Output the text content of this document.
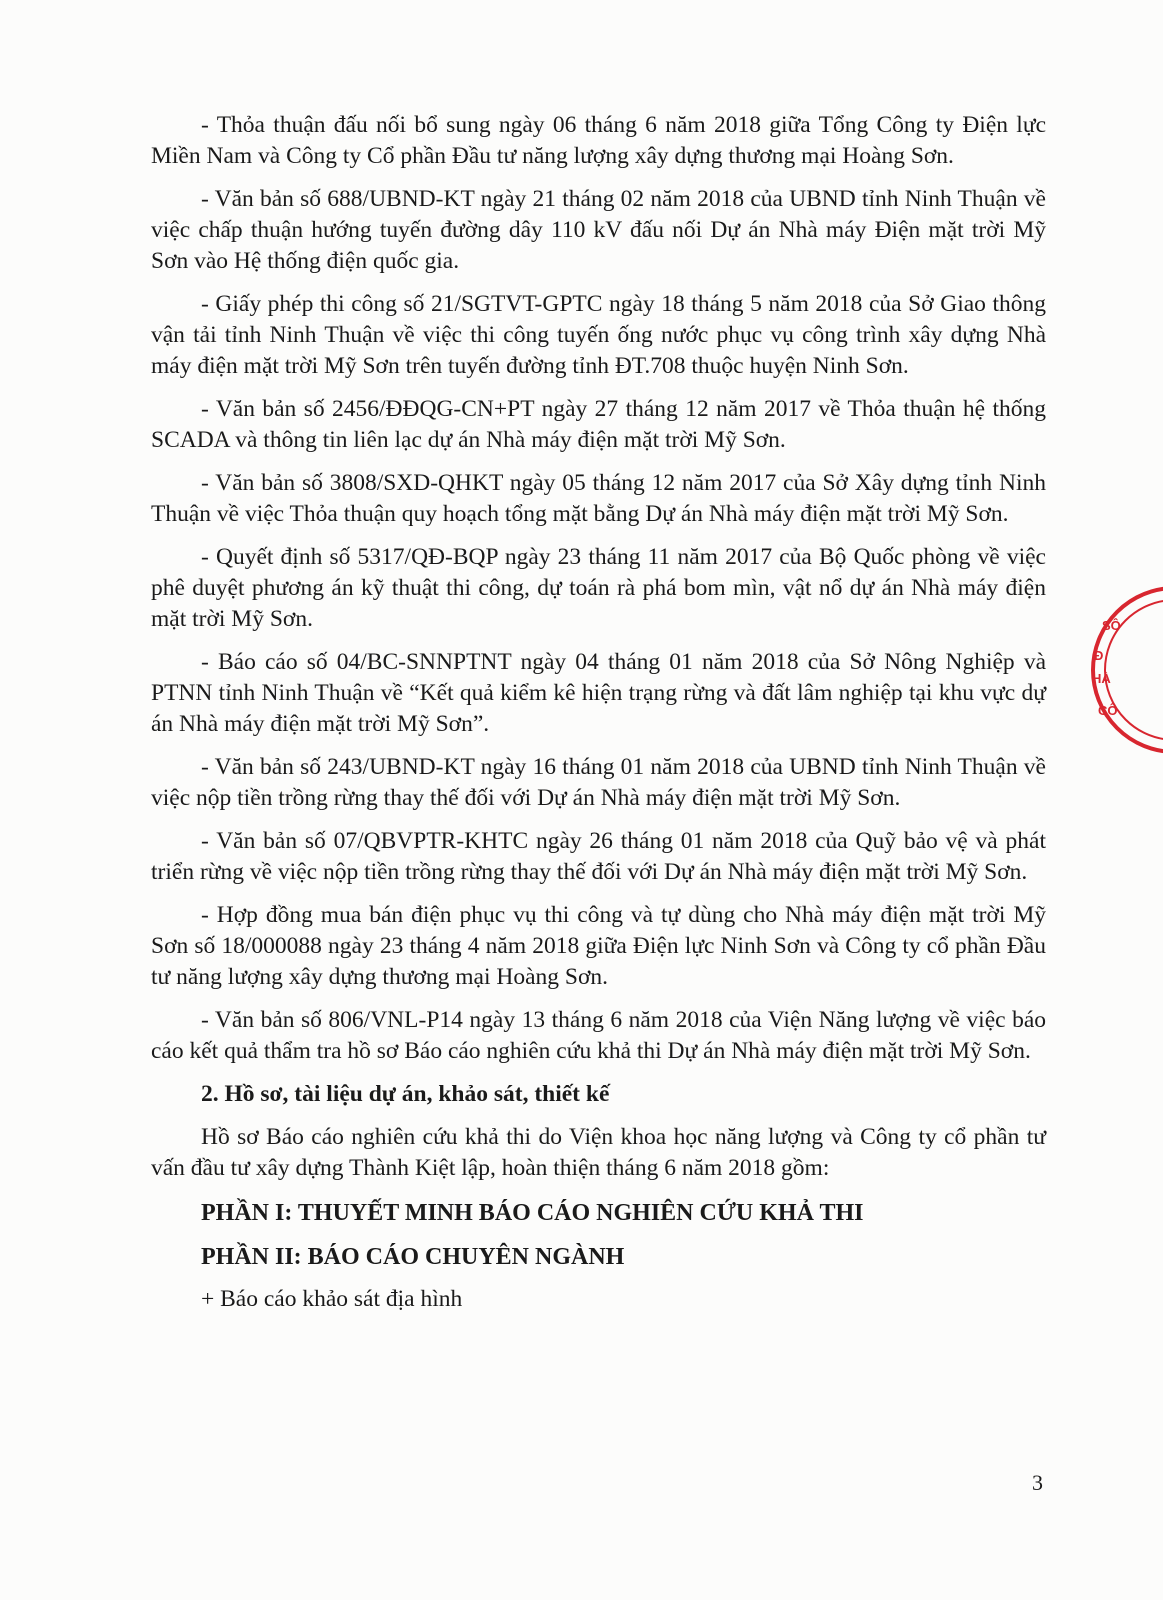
- Thỏa thuận đấu nối bổ sung ngày 06 tháng 6 năm 2018 giữa Tổng Công ty Điện lực Miền Nam và Công ty Cổ phần Đầu tư năng lượng xây dựng thương mại Hoàng Sơn.

- Văn bản số 688/UBND-KT ngày 21 tháng 02 năm 2018 của UBND tỉnh Ninh Thuận về việc chấp thuận hướng tuyến đường dây 110 kV đấu nối Dự án Nhà máy Điện mặt trời Mỹ Sơn vào Hệ thống điện quốc gia.

- Giấy phép thi công số 21/SGTVT-GPTC ngày 18 tháng 5 năm 2018 của Sở Giao thông vận tải tỉnh Ninh Thuận về việc thi công tuyến ống nước phục vụ công trình xây dựng Nhà máy điện mặt trời Mỹ Sơn trên tuyến đường tỉnh ĐT.708 thuộc huyện Ninh Sơn.

- Văn bản số 2456/ĐĐQG-CN+PT ngày 27 tháng 12 năm 2017 về Thỏa thuận hệ thống SCADA và thông tin liên lạc dự án Nhà máy điện mặt trời Mỹ Sơn.

- Văn bản số 3808/SXD-QHKT ngày 05 tháng 12 năm 2017 của Sở Xây dựng tỉnh Ninh Thuận về việc Thỏa thuận quy hoạch tổng mặt bằng Dự án Nhà máy điện mặt trời Mỹ Sơn.

- Quyết định số 5317/QĐ-BQP ngày 23 tháng 11 năm 2017 của Bộ Quốc phòng về việc phê duyệt phương án kỹ thuật thi công, dự toán rà phá bom mìn, vật nổ dự án Nhà máy điện mặt trời Mỹ Sơn.

- Báo cáo số 04/BC-SNNPTNT ngày 04 tháng 01 năm 2018 của Sở Nông Nghiệp và PTNN tỉnh Ninh Thuận về “Kết quả kiểm kê hiện trạng rừng và đất lâm nghiệp tại khu vực dự án Nhà máy điện mặt trời Mỹ Sơn”.

- Văn bản số 243/UBND-KT ngày 16 tháng 01 năm 2018 của UBND tỉnh Ninh Thuận về việc nộp tiền trồng rừng thay thế đối với Dự án Nhà máy điện mặt trời Mỹ Sơn.

- Văn bản số 07/QBVPTR-KHTC ngày 26 tháng 01 năm 2018 của Quỹ bảo vệ và phát triển rừng về việc nộp tiền trồng rừng thay thế đối với Dự án Nhà máy điện mặt trời Mỹ Sơn.

- Hợp đồng mua bán điện phục vụ thi công và tự dùng cho Nhà máy điện mặt trời Mỹ Sơn số 18/000088 ngày 23 tháng 4 năm 2018 giữa Điện lực Ninh Sơn và Công ty cổ phần Đầu tư năng lượng xây dựng thương mại Hoàng Sơn.

- Văn bản số 806/VNL-P14 ngày 13 tháng 6 năm 2018 của Viện Năng lượng về việc báo cáo kết quả thẩm tra hồ sơ Báo cáo nghiên cứu khả thi Dự án Nhà máy điện mặt trời Mỹ Sơn.

2. Hồ sơ, tài liệu dự án, khảo sát, thiết kế

Hồ sơ Báo cáo nghiên cứu khả thi do Viện khoa học năng lượng và Công ty cổ phần tư vấn đầu tư xây dựng Thành Kiệt lập, hoàn thiện tháng 6 năm 2018 gồm:

PHẦN I: THUYẾT MINH BÁO CÁO NGHIÊN CỨU KHẢ THI

PHẦN II: BÁO CÁO CHUYÊN NGÀNH

+ Báo cáo khảo sát địa hình

3
SÔ
Đ
HÀ
CÔ
